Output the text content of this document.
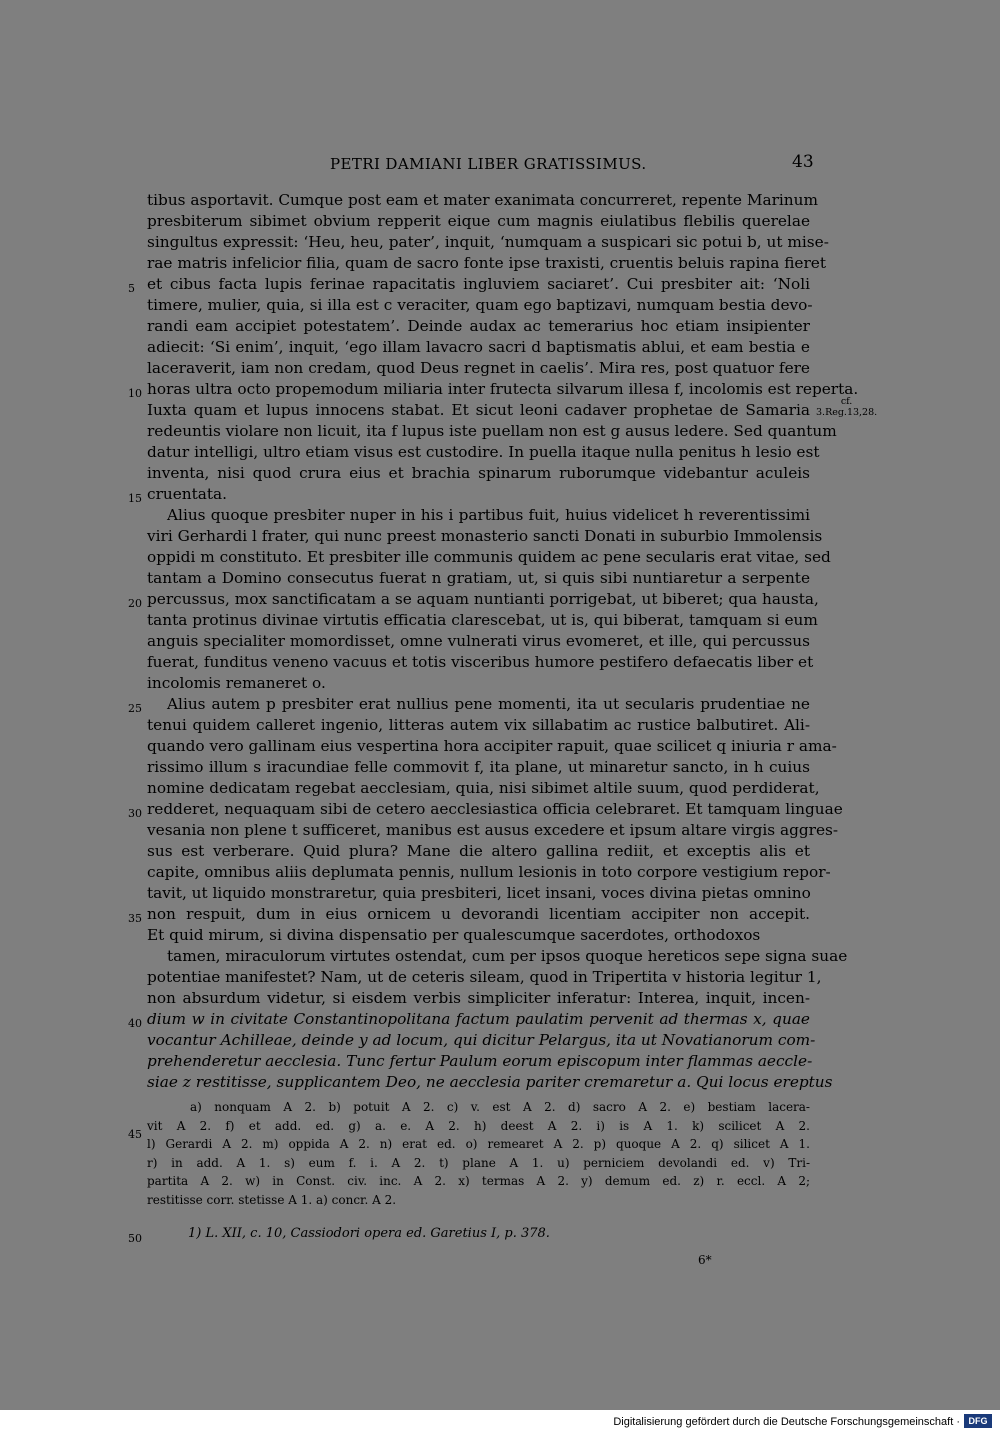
PETRI DAMIANI LIBER GRATISSIMUS.	43
tibus asportavit. Cumque post eam et mater exanimata concurreret, repente Marinum
presbiterum sibimet obvium repperit eique cum magnis eiulatibus flebilis querelae
singultus expressit: ‘Heu, heu, pater’, inquit, ‘numquam a suspicari sic potui b, ut mise-
rae matris infelicior filia, quam de sacro fonte ipse traxisti, cruentis beluis rapina fieret
et cibus facta lupis ferinae rapacitatis ingluviem saciaret’. Cui presbiter ait: ‘Noli
timere, mulier, quia, si illa est c veraciter, quam ego baptizavi, numquam bestia devo-
randi eam accipiet potestatem’. Deinde audax ac temerarius hoc etiam insipienter
adiecit: ‘Si enim’, inquit, ‘ego illam lavacro sacri d baptismatis ablui, et eam bestia e
laceraverit, iam non credam, quod Deus regnet in caelis’. Mira res, post quatuor fere
horas ultra octo propemodum miliaria inter frutecta silvarum illesa f, incolomis est reperta.
Iuxta quam et lupus innocens stabat. Et sicut leoni cadaver prophetae de Samaria
redeuntis violare non licuit, ita f lupus iste puellam non est g ausus ledere. Sed quantum
datur intelligi, ultro etiam visus est custodire. In puella itaque nulla penitus h lesio est
inventa, nisi quod crura eius et brachia spinarum ruborumque videbantur aculeis
cruentata.
Alius quoque presbiter nuper in his i partibus fuit, huius videlicet h reverentissimi
viri Gerhardi l frater, qui nunc preest monasterio sancti Donati in suburbio Immolensis
oppidi m constituto. Et presbiter ille communis quidem ac pene secularis erat vitae, sed
tantam a Domino consecutus fuerat n gratiam, ut, si quis sibi nuntiaretur a serpente
percussus, mox sanctificatam a se aquam nuntianti porrigebat, ut biberet; qua hausta,
tanta protinus divinae virtutis efficatia clarescebat, ut is, qui biberat, tamquam si eum
anguis specialiter momordisset, omne vulnerati virus evomeret, et ille, qui percussus
fuerat, funditus veneno vacuus et totis visceribus humore pestifero defaecatis liber et
incolomis remaneret o.
Alius autem p presbiter erat nullius pene momenti, ita ut secularis prudentiae ne
tenui quidem calleret ingenio, litteras autem vix sillabatim ac rustice balbutiret. Ali-
quando vero gallinam eius vespertina hora accipiter rapuit, quae scilicet q iniuria r ama-
rissimo illum s iracundiae felle commovit f, ita plane, ut minaretur sancto, in h cuius
nomine dedicatam regebat aecclesiam, quia, nisi sibimet altile suum, quod perdiderat,
redderet, nequaquam sibi de cetero aecclesiastica officia celebraret. Et tamquam linguae
vesania non plene t sufficeret, manibus est ausus excedere et ipsum altare virgis aggres-
sus est verberare. Quid plura? Mane die altero gallina rediit, et exceptis alis et
capite, omnibus aliis deplumata pennis, nullum lesionis in toto corpore vestigium repor-
tavit, ut liquido monstraretur, quia presbiteri, licet insani, voces divina pietas omnino
non respuit, dum in eius ornicem u devorandi licentiam accipiter non accepit.
Et quid mirum, si divina dispensatio per qualescumque sacerdotes, orthodoxos
tamen, miraculorum virtutes ostendat, cum per ipsos quoque hereticos sepe signa suae
potentiae manifestet? Nam, ut de ceteris sileam, quod in Tripertita v historia legitur 1,
non absurdum videtur, si eisdem verbis simpliciter inferatur: Interea, inquit, incen-
dium w in civitate Constantinopolitana factum paulatim pervenit ad thermas x, quae
vocantur Achilleae, deinde y ad locum, qui dicitur Pelargus, ita ut Novatianorum com-
prehenderetur aecclesia. Tunc fertur Paulum eorum episcopum inter flammas aeccle-
siae z restitisse, supplicantem Deo, ne aecclesia pariter cremaretur a. Qui locus ereptus
5
10
15
20
25
30
35
40
45
50
cf.
3.Reg.13,28.
a) nonquam A 2. b) potuit A 2. c) v. est A 2. d) sacro A 2. e) bestiam lacera-
vit A 2. f) et add. ed. g) a. e. A 2. h) deest A 2. i) is A 1. k) scilicet A 2.
l) Gerardi A 2. m) oppida A 2. n) erat ed. o) remearet A 2. p) quoque A 2. q) silicet A 1.
r) in add. A 1. s) eum f. i. A 2. t) plane A 1. u) perniciem devolandi ed. v) Tri-
partita A 2. w) in Const. civ. inc. A 2. x) termas A 2. y) demum ed. z) r. eccl. A 2;
restitisse corr. stetisse A 1. a) concr. A 2.
1) L. XII, c. 10, Cassiodori opera ed. Garetius I, p. 378.
6*
Digitalisierung gefördert durch die Deutsche Forschungsgemeinschaft · DFG
